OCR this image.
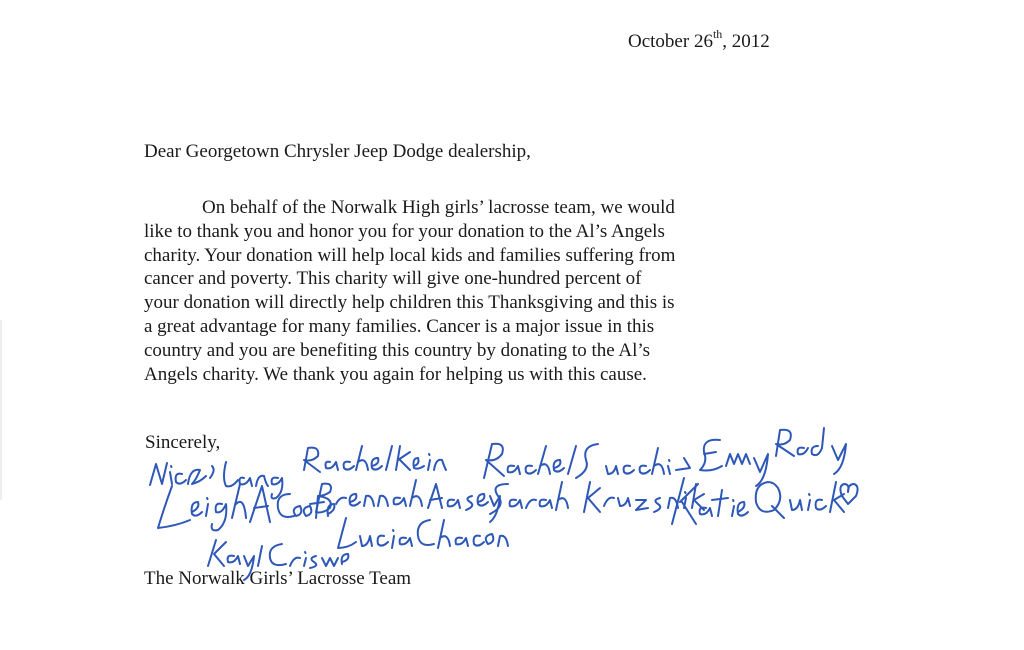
October 26th, 2012
Dear Georgetown Chrysler Jeep Dodge dealership,
On behalf of the Norwalk High girls’ lacrosse team, we would
like to thank you and honor you for your donation to the Al’s Angels
charity. Your donation will help local kids and families suffering from
cancer and poverty. This charity will give one-hundred percent of
your donation will directly help children this Thanksgiving and this is
a great advantage for many families. Cancer is a major issue in this
country and you are benefiting this country by donating to the Al’s
Angels charity. We thank you again for helping us with this cause.
Sincerely,
The Norwalk Girls’ Lacrosse Team
